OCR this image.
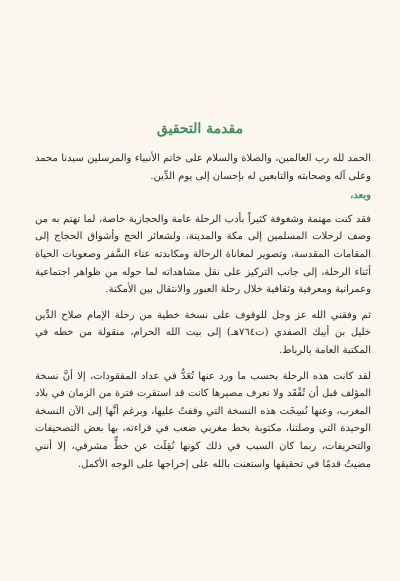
مقدمة التحقيق

الحمد لله رب العالمين، والصلاة والسلام على خاتم الأنبياء والمرسلين سيدنا محمد وعلى آله وصحابته والتابعين له بإحسان إلى يوم الدِّين.

وبعد،

فقد كنت مهتمة وشغوفة كثيراً بأدب الرحلة عامة والحجازية خاصة، لما تهتم به من وصف لرحلات المسلمين إلى مكة والمدينة، ولشعائر الحج وأشواق الحجاج إلى المقامات المقدسة، وتصوير لمعاناة الرحالة ومكابدته عناء السَّفر وصعوبات الحياة أثناء الرحلة، إلى جانب التركيز على نقل مشاهداته لما حوله من ظواهر اجتماعية وعمرانية ومعرفية وثقافية خلال رحلة العبور والانتقال بين الأمكنة.

ثم وفقني الله عز وجل للوقوف على نسخة خطية من رحلة الإمام صلاح الدِّين خليل بن أيبك الصفدي (ت٧٦٤هـ) إلى بيت الله الحرام، منقولة من خطه في المكتبة العامة بالرباط.

لقد كانت هذه الرحلة بحسب ما ورد عنها تُعَدُّ في عداد المفقودات، إلا أنَّ نسخة المؤلف قبل أن تُفْقَد ولا نعرف مصيرها كانت قد استقرت فترة من الزمان في بلاد المغرب، وعنها نُسِخَت هذه النسخة التي وقفتُ عليها، وبرغم أنَّها إلى الآن النسخة الوحيدة التي وصلتنا، مكتوبة بخط مغربي صعب في قراءته، بها بعض التصحيفات والتحريفات، ربما كان السبب في ذلك كونها نُقِلَت عن خطٍّ مشرقي، إلا أنني مضيتُ قدمًا في تحقيقها واستعنت بالله على إخراجها على الوجه الأكمل.
